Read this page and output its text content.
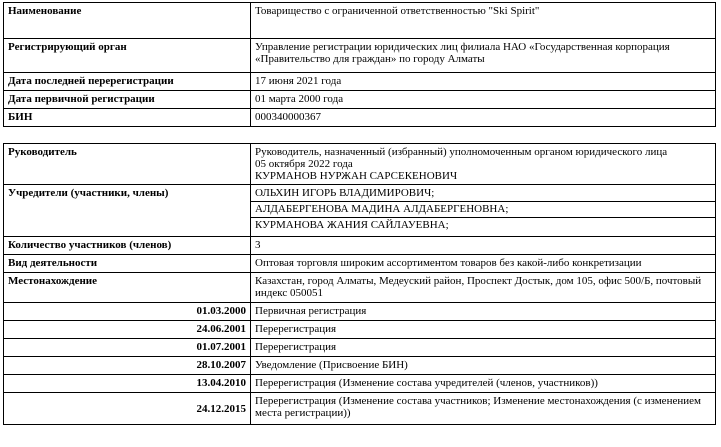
Наименование	Товарищество с ограниченной ответственностью "Ski Spirit"
Регистрирующий орган	Управление регистрации юридических лиц филиала НАО «Государственная корпорация «Правительство для граждан» по городу Алматы
Дата последней перерегистрации	17 июня 2021 года
Дата первичной регистрации	01 марта 2000 года
БИН	000340000367
Руководитель	Руководитель, назначенный (избранный) уполномоченным органом юридического лица
05 октября 2022 года
КУРМАНОВ НУРЖАН САРСЕКЕНОВИЧ

Учредители (участники, члены)	ОЛЬХИН ИГОРЬ ВЛАДИМИРОВИЧ;
АЛДАБЕРГЕНОВА МАДИНА АЛДАБЕРГЕНОВНА;
КУРМАНОВА ЖАНИЯ САЙЛАУЕВНА;

Количество участников (членов)	3
Вид деятельности	Оптовая торговля широким ассортиментом товаров без какой-либо конкретизации
Местонахождение	Казахстан, город Алматы, Медеуский район, Проспект Достык, дом 105, офис 500/Б, почтовый индекс 050051
01.03.2000	Первичная регистрация
24.06.2001	Перерегистрация
01.07.2001	Перерегистрация
28.10.2007	Уведомление (Присвоение БИН)
13.04.2010	Перерегистрация (Изменение состава учредителей (членов, участников))
24.12.2015	Перерегистрация (Изменение состава участников; Изменение местонахождения (с изменением места регистрации))
